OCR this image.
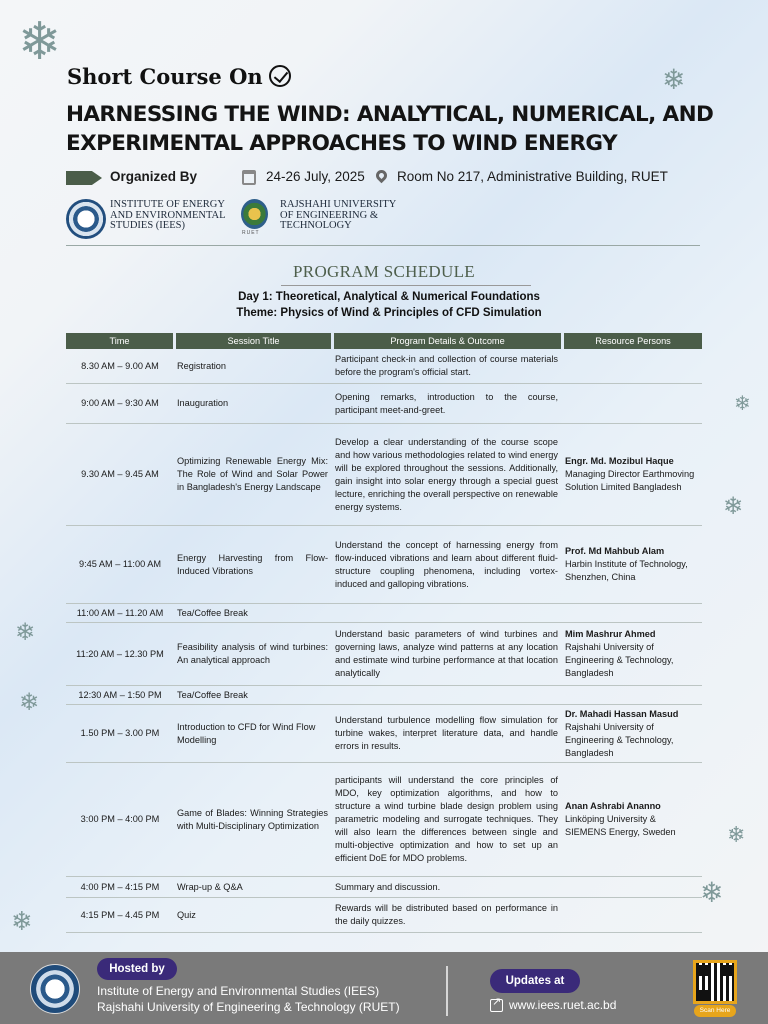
❄
❄
❄
❄
❄
❄
❄
❄
❄
Short Course On
HARNESSING THE WIND: ANALYTICAL, NUMERICAL, AND EXPERIMENTAL APPROACHES TO WIND ENERGY
Organized By	24-26 July, 2025 Room No 217, Administrative Building, RUET
INSTITUTE OF ENERGY AND ENVIRONMENTAL STUDIES (IEES)
RUET
RAJSHAHI UNIVERSITY OF ENGINEERING & TECHNOLOGY
PROGRAM SCHEDULE
Day 1: Theoretical, Analytical & Numerical Foundations
Theme: Physics of Wind & Principles of CFD Simulation
Time	Session Title	Program Details & Outcome	Resource Persons
8.30 AM – 9.00 AM	Registration	Participant check-in and collection of course materials before the program's official start.	

9:00 AM – 9:30 AM	Inauguration	Opening remarks, introduction to the course, participant meet-and-greet.	

9.30 AM – 9.45 AM	Optimizing Renewable Energy Mix: The Role of Wind and Solar Power in Bangladesh's Energy Landscape	Develop a clear understanding of the course scope and how various methodologies related to wind energy will be explored throughout the sessions. Additionally, gain insight into solar energy through a special guest lecture, enriching the overall perspective on renewable energy systems.	Engr. Md. Mozibul Haque
Managing Director Earthmoving Solution Limited Bangladesh

9:45 AM – 11:00 AM	Energy Harvesting from Flow-Induced Vibrations	Understand the concept of harnessing energy from flow-induced vibrations and learn about different fluid-structure coupling phenomena, including vortex-induced and galloping vibrations.	Prof. Md Mahbub Alam
Harbin Institute of Technology, Shenzhen, China

11:00 AM – 11.20 AM	Tea/Coffee Break		

11:20 AM – 12.30 PM	Feasibility analysis of wind turbines: An analytical approach	Understand basic parameters of wind turbines and governing laws, analyze wind patterns at any location and estimate wind turbine performance at that location analytically	Mim Mashrur Ahmed
Rajshahi University of Engineering & Technology, Bangladesh

12:30 AM – 1:50 PM	Tea/Coffee Break		

1.50 PM – 3.00 PM	Introduction to CFD for Wind Flow Modelling	Understand turbulence modelling flow simulation for turbine wakes, interpret literature data, and handle errors in results.	Dr. Mahadi Hassan Masud
Rajshahi University of Engineering & Technology, Bangladesh

3:00 PM – 4:00 PM	Game of Blades: Winning Strategies with Multi-Disciplinary Optimization	participants will understand the core principles of MDO, key optimization algorithms, and how to structure a wind turbine blade design problem using parametric modeling and surrogate techniques. They will also learn the differences between single and multi-objective optimization and how to set up an efficient DoE for MDO problems.	Anan Ashrabi Ananno
Linköping University & SIEMENS Energy, Sweden

4:00 PM – 4:15 PM	Wrap-up & Q&A	Summary and discussion.	

4:15 PM – 4.45 PM	Quiz	Rewards will be distributed based on performance in the daily quizzes.	
Hosted by
Institute of Energy and Environmental Studies (IEES)
Rajshahi University of Engineering & Technology (RUET)
Updates at
↗
www.iees.ruet.ac.bd	Scan Here
